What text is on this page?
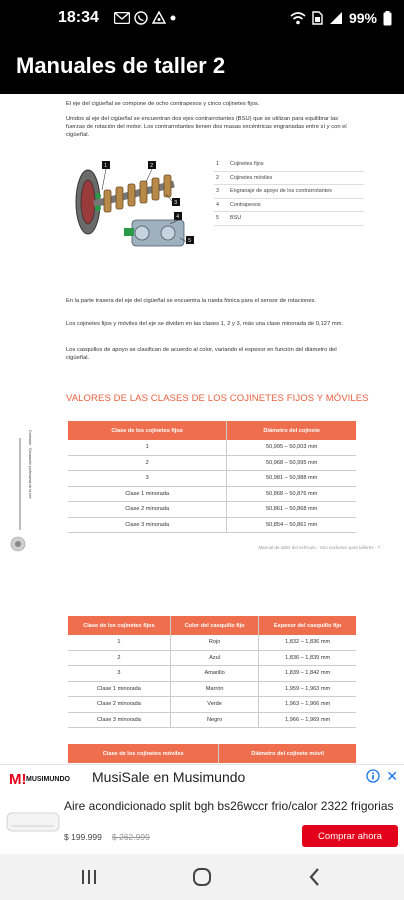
18:34	99%
Manuales de taller 2
El eje del cigüeñal se compone de ocho contrapesos y cinco cojinetes fijos.
Unidos al eje del cigüeñal se encuentran dos ejes contrarrotantes (BSU) que se utilizan para equilibrar las fuerzas de rotación del motor. Los contrarrotantes tienen dos masas excéntricas engranadas entre sí y con el cigüeñal.
1	2
3
4
5
1	Cojinetes fijos
2	Cojinetes móviles
3	Engranaje de apoyo de los contrarrotantes
4	Contrapesos
5	BSU
En la parte trasera del eje del cigüeñal se encuentra la rueda fónica para el sensor de rotaciones.
Los cojinetes fijos y móviles del eje se dividen en las clases 1, 2 y 3, más una clase minorada de 0,127 mm.
Los casquillos de apoyo se clasifican de acuerdo al color, variando el espesor en función del diámetro del cigüeñal.
VALORES DE LAS CLASES DE LOS COJINETES FIJOS Y MÓVILES
Clase de los cojinetes fijos	Diámetro del cojinete
1	50,995 – 50,003 mm
2	50,968 – 50,995 mm
3	50,981 – 50,988 mm
Clase 1 minorada	50,868 – 50,876 mm
Clase 2 minorada	50,861 – 50,868 mm
Clase 3 minorada	50,854 – 50,861 mm
Conexión · Desarrollo profesional de la red
Manual de taller del vehículo · Uso exclusivo para talleres · 7
Clase de los cojinetes fijos	Color del casquillo fijo	Espesor del casquillo fijo
1	Rojo	1,832 – 1,836 mm
2	Azul	1,836 – 1,839 mm
3	Amarillo	1,839 – 1,842 mm
Clase 1 minorada	Marrón	1,959 – 1,963 mm
Clase 2 minorada	Verde	1,963 – 1,966 mm
Clase 3 minorada	Negro	1,966 – 1,969 mm
Clase de los cojinetes móviles	Diámetro del cojinete móvil
M! MUSIMUNDO MusiSale en Musimundo	✕
Aire acondicionado split bgh bs26wccr frio/calor 2322 frigorias
$ 199.999 $ 262.999	Comprar ahora
